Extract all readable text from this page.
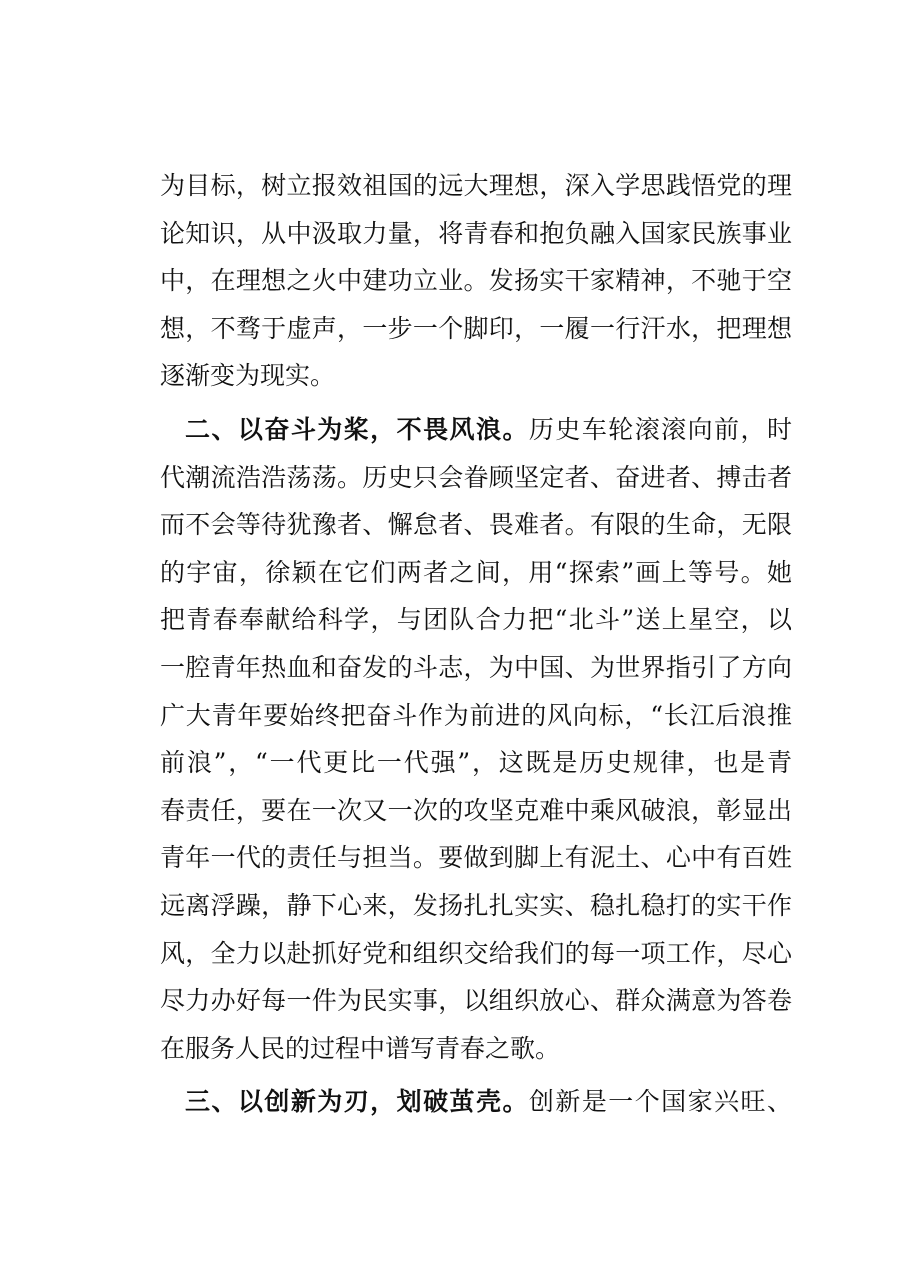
为目标，树立报效祖国的远大理想，深入学思践悟党的理
论知识，从中汲取力量，将青春和抱负融入国家民族事业
中，在理想之火中建功立业。发扬实干家精神，不驰于空
想，不骛于虚声，一步一个脚印，一履一行汗水，把理想
逐渐变为现实。
二、以奋斗为桨，不畏风浪。历史车轮滚滚向前，时
代潮流浩浩荡荡。历史只会眷顾坚定者、奋进者、搏击者
而不会等待犹豫者、懈怠者、畏难者。有限的生命，无限
的宇宙，徐颖在它们两者之间，用“探索”画上等号。她
把青春奉献给科学，与团队合力把“北斗”送上星空，以
一腔青年热血和奋发的斗志，为中国、为世界指引了方向
广大青年要始终把奋斗作为前进的风向标，“长江后浪推
前浪”，“一代更比一代强”，这既是历史规律，也是青
春责任，要在一次又一次的攻坚克难中乘风破浪，彰显出
青年一代的责任与担当。要做到脚上有泥土、心中有百姓
远离浮躁，静下心来，发扬扎扎实实、稳扎稳打的实干作
风，全力以赴抓好党和组织交给我们的每一项工作，尽心
尽力办好每一件为民实事，以组织放心、群众满意为答卷
在服务人民的过程中谱写青春之歌。
三、以创新为刃，划破茧壳。创新是一个国家兴旺、
